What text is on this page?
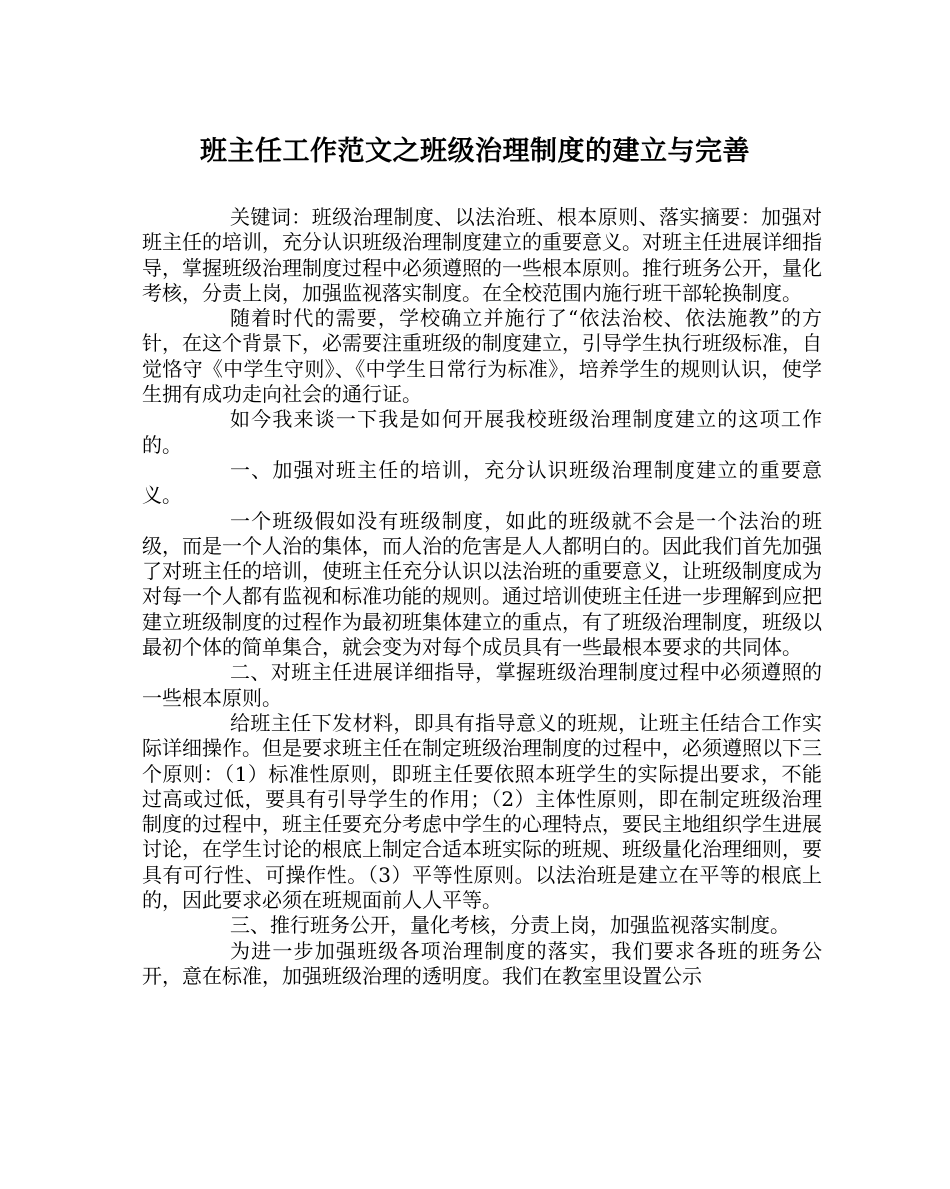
班主任工作范文之班级治理制度的建立与完善

关键词：班级治理制度、以法治班、根本原则、落实摘要：加强对班主任的培训，充分认识班级治理制度建立的重要意义。对班主任进展详细指导，掌握班级治理制度过程中必须遵照的一些根本原则。推行班务公开，量化考核，分责上岗，加强监视落实制度。在全校范围内施行班干部轮换制度。

随着时代的需要，学校确立并施行了“依法治校、依法施教”的方针，在这个背景下，必需要注重班级的制度建立，引导学生执行班级标准，自觉恪守《中学生守则》、《中学生日常行为标准》，培养学生的规则认识，使学生拥有成功走向社会的通行证。

如今我来谈一下我是如何开展我校班级治理制度建立的这项工作的。

一、加强对班主任的培训，充分认识班级治理制度建立的重要意义。

一个班级假如没有班级制度，如此的班级就不会是一个法治的班级，而是一个人治的集体，而人治的危害是人人都明白的。因此我们首先加强了对班主任的培训，使班主任充分认识以法治班的重要意义，让班级制度成为对每一个人都有监视和标准功能的规则。通过培训使班主任进一步理解到应把建立班级制度的过程作为最初班集体建立的重点，有了班级治理制度，班级以最初个体的简单集合，就会变为对每个成员具有一些最根本要求的共同体。

二、对班主任进展详细指导，掌握班级治理制度过程中必须遵照的一些根本原则。

给班主任下发材料，即具有指导意义的班规，让班主任结合工作实际详细操作。但是要求班主任在制定班级治理制度的过程中，必须遵照以下三个原则：（1）标准性原则，即班主任要依照本班学生的实际提出要求，不能过高或过低，要具有引导学生的作用；（2）主体性原则，即在制定班级治理制度的过程中，班主任要充分考虑中学生的心理特点，要民主地组织学生进展讨论，在学生讨论的根底上制定合适本班实际的班规、班级量化治理细则，要具有可行性、可操作性。（3）平等性原则。以法治班是建立在平等的根底上的，因此要求必须在班规面前人人平等。

三、推行班务公开，量化考核，分责上岗，加强监视落实制度。

为进一步加强班级各项治理制度的落实，我们要求各班的班务公开，意在标准，加强班级治理的透明度。我们在教室里设置公示
